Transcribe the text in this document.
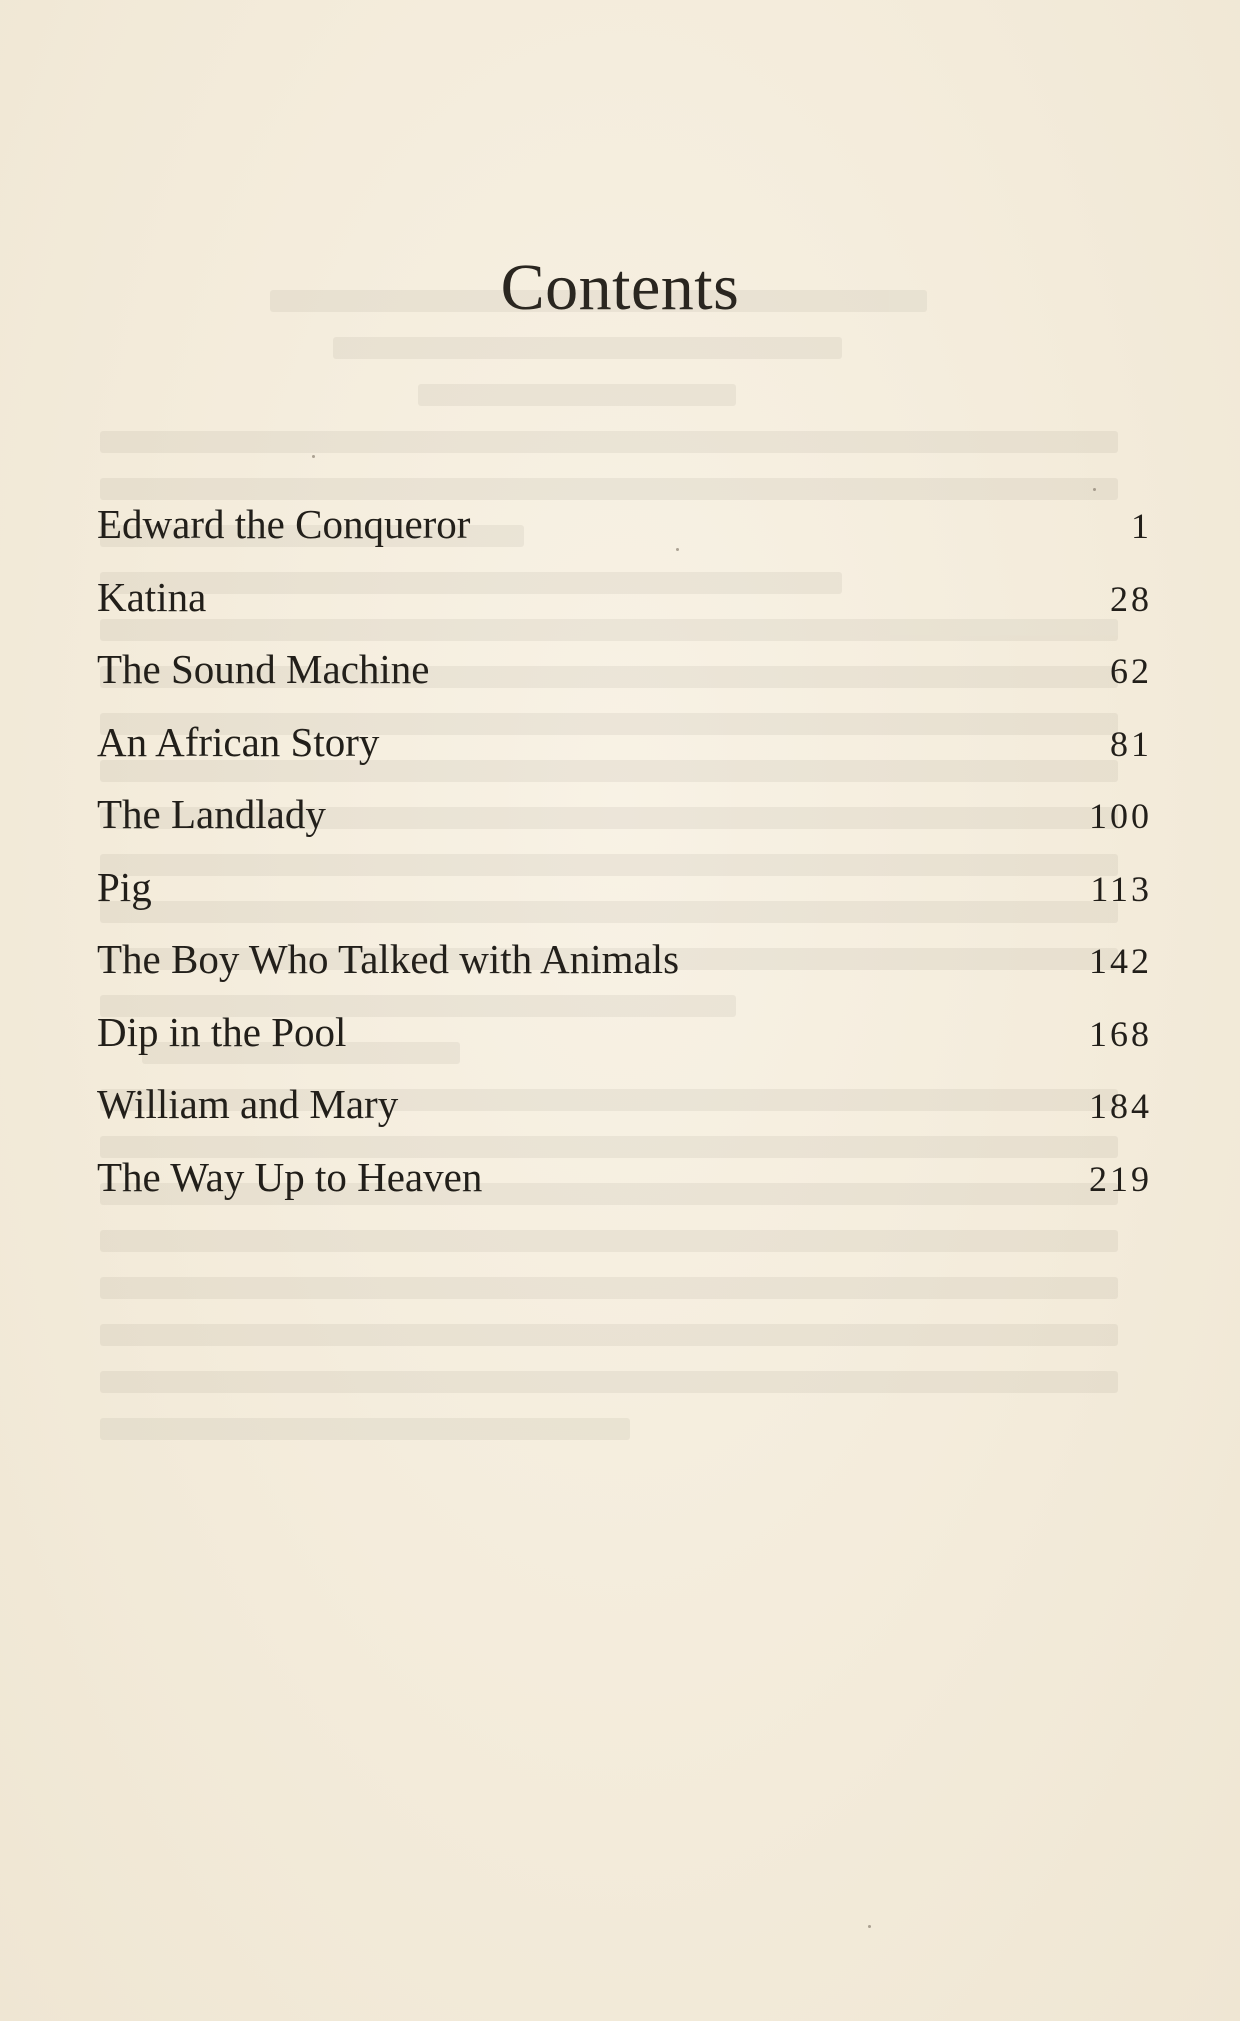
Contents
Edward the Conqueror	1
Katina	28
The Sound Machine	62
An African Story	81
The Landlady	100
Pig	113
The Boy Who Talked with Animals	142
Dip in the Pool	168
William and Mary	184
The Way Up to Heaven	219
